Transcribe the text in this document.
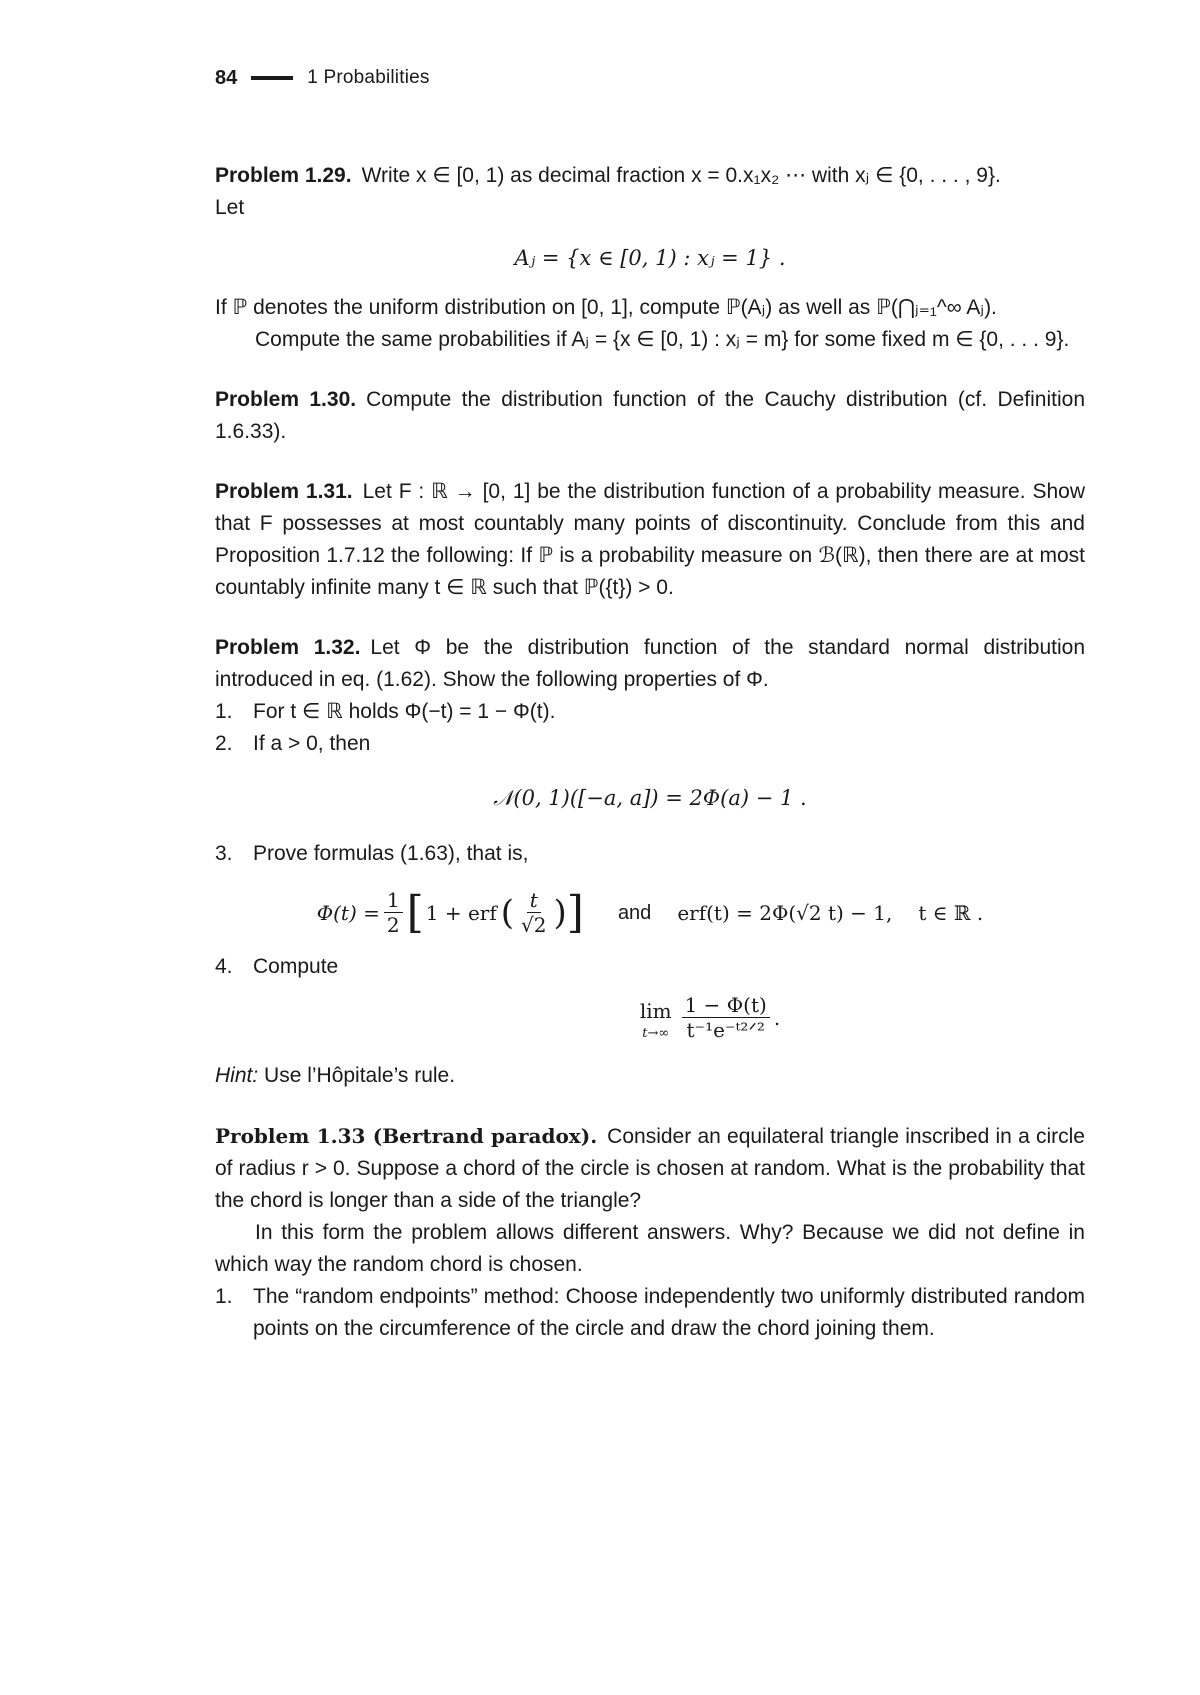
84	1 Probabilities

Problem 1.29. Write x ∈ [0, 1) as decimal fraction x = 0.x₁x₂ ⋯ with xⱼ ∈ {0, . . . , 9}.
Let

Aⱼ = {x ∈ [0, 1) : xⱼ = 1} .

If ℙ denotes the uniform distribution on [0, 1], compute ℙ(Aⱼ) as well as ℙ(⋂ⱼ₌₁^∞ Aⱼ).

Compute the same probabilities if Aⱼ = {x ∈ [0, 1) : xⱼ = m} for some fixed m ∈ {0, . . . 9}.

Problem 1.30. Compute the distribution function of the Cauchy distribution (cf. Definition 1.6.33).

Problem 1.31. Let F : ℝ → [0, 1] be the distribution function of a probability measure. Show that F possesses at most countably many points of discontinuity. Conclude from this and Proposition 1.7.12 the following: If ℙ is a probability measure on ℬ(ℝ), then there are at most countably infinite many t ∈ ℝ such that ℙ({t}) > 0.

Problem 1.32. Let Φ be the distribution function of the standard normal distribution introduced in eq. (1.62). Show the following properties of Φ.

1. For t ∈ ℝ holds Φ(−t) = 1 − Φ(t).
2. If a > 0, then
𝒩(0, 1)([−a, a]) = 2Φ(a) − 1 .
3. Prove formulas (1.63), that is,
$\Phi(t) = \frac{1}{2}$ [ 1 + erf ( $\frac{t}{√2}$ ) ] and erf(t) = 2Φ(√2 t) − 1, t ∈ ℝ .
4. Compute
lim
$t\to\infty \frac{1 - \Phi(t)}{\text{t⁻¹e⁻ᵗ²ᐟ²}}$ .

Hint: Use l’Hôpitale’s rule.

Problem 1.33 (Bertrand paradox). Consider an equilateral triangle inscribed in a circle of radius r > 0. Suppose a chord of the circle is chosen at random. What is the probability that the chord is longer than a side of the triangle?

In this form the problem allows different answers. Why? Because we did not define in which way the random chord is chosen.

1. The “random endpoints” method: Choose independently two uniformly distributed random points on the circumference of the circle and draw the chord joining them.
